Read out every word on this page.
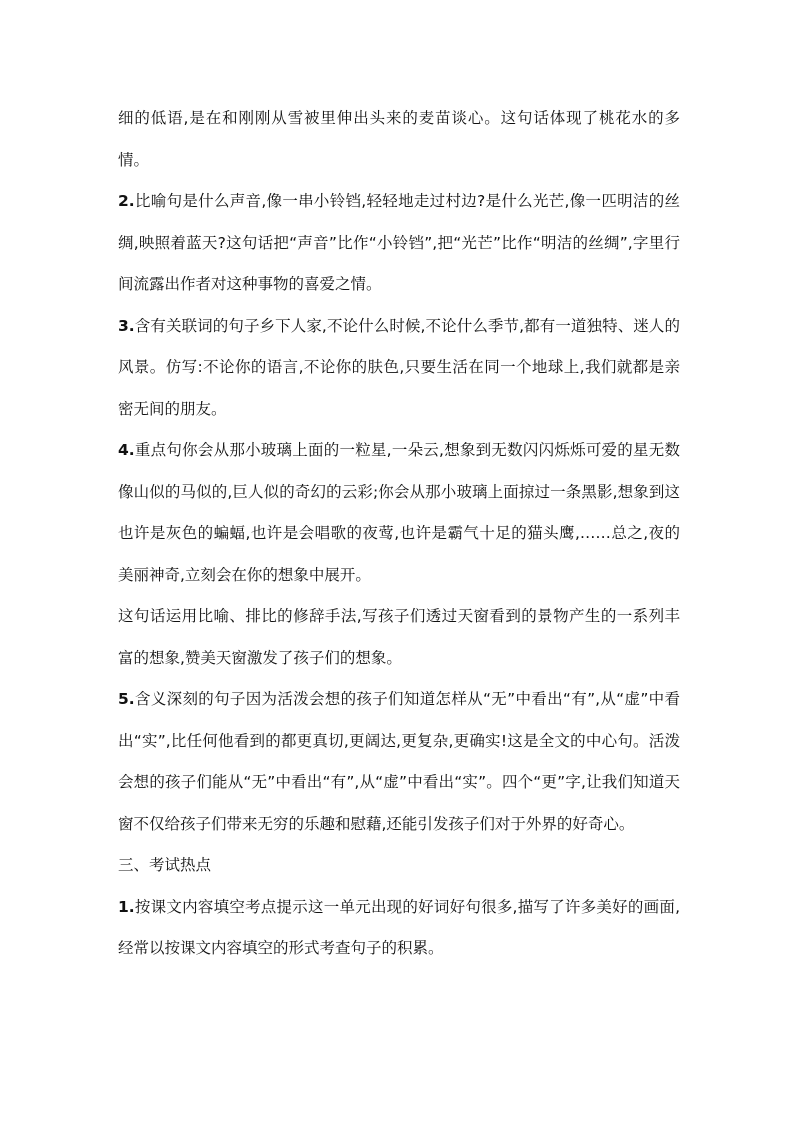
细的低语,是在和刚刚从雪被里伸出头来的麦苗谈心。这句话体现了桃花水的多情。

2.比喻句是什么声音,像一串小铃铛,轻轻地走过村边?是什么光芒,像一匹明洁的丝绸,映照着蓝天?这句话把“声音”比作“小铃铛”,把“光芒”比作“明洁的丝绸”,字里行间流露出作者对这种事物的喜爱之情。

3.含有关联词的句子乡下人家,不论什么时候,不论什么季节,都有一道独特、迷人的风景。仿写:不论你的语言,不论你的肤色,只要生活在同一个地球上,我们就都是亲密无间的朋友。

4.重点句你会从那小玻璃上面的一粒星,一朵云,想象到无数闪闪烁烁可爱的星无数像山似的马似的,巨人似的奇幻的云彩;你会从那小玻璃上面掠过一条黑影,想象到这也许是灰色的蝙蝠,也许是会唱歌的夜莺,也许是霸气十足的猫头鹰,……总之,夜的美丽神奇,立刻会在你的想象中展开。

这句话运用比喻、排比的修辞手法,写孩子们透过天窗看到的景物产生的一系列丰富的想象,赞美天窗激发了孩子们的想象。

5.含义深刻的句子因为活泼会想的孩子们知道怎样从“无”中看出“有”,从“虚”中看出“实”,比任何他看到的都更真切,更阔达,更复杂,更确实!这是全文的中心句。活泼会想的孩子们能从“无”中看出“有”,从“虚”中看出“实”。四个“更”字,让我们知道天窗不仅给孩子们带来无穷的乐趣和慰藉,还能引发孩子们对于外界的好奇心。

三、考试热点

1.按课文内容填空考点提示这一单元出现的好词好句很多,描写了许多美好的画面,经常以按课文内容填空的形式考查句子的积累。
